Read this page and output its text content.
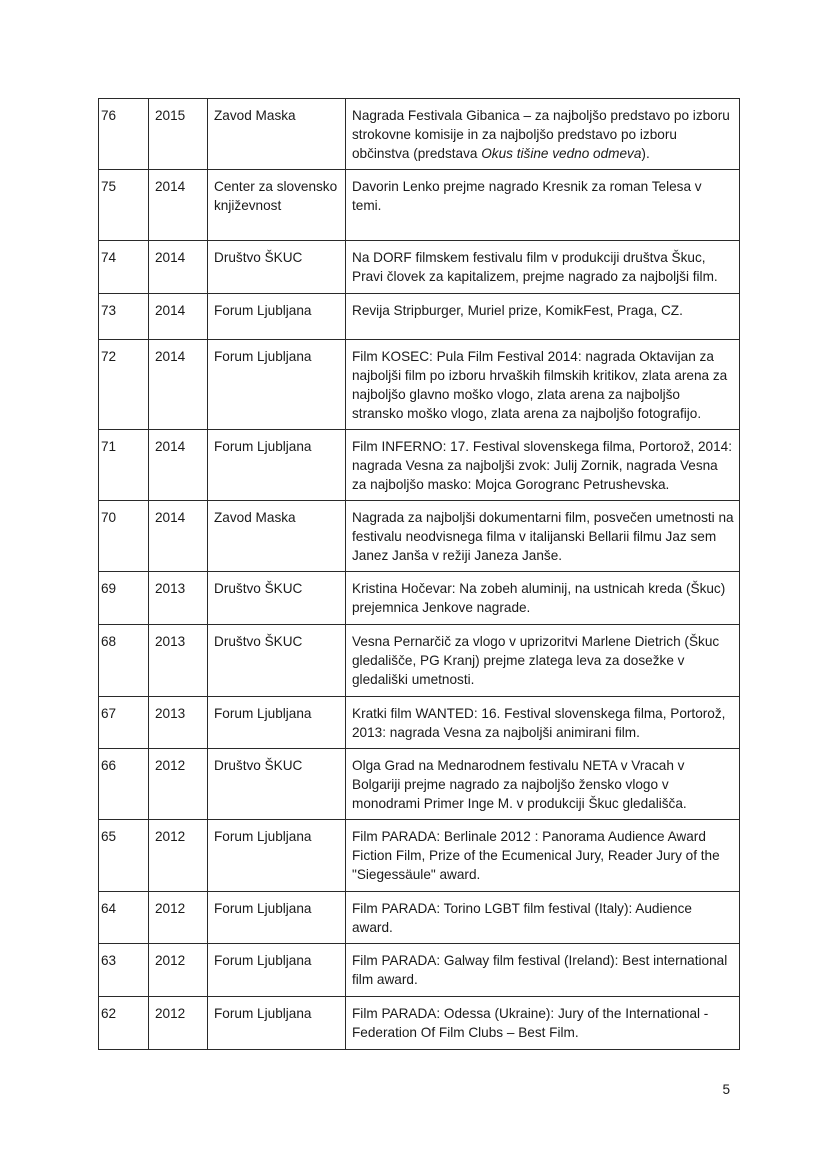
76	2015	Zavod Maska	Nagrada Festivala Gibanica – za najboljšo predstavo po izboru strokovne komisije in za najboljšo predstavo po izboru občinstva (predstava Okus tišine vedno odmeva).
75	2014	Center za slovensko književnost	Davorin Lenko prejme nagrado Kresnik za roman Telesa v temi.
74	2014	Društvo ŠKUC	Na DORF filmskem festivalu film v produkciji društva Škuc, Pravi človek za kapitalizem, prejme nagrado za najboljši film.
73	2014	Forum Ljubljana	Revija Stripburger, Muriel prize, KomikFest, Praga, CZ.
72	2014	Forum Ljubljana	Film KOSEC: Pula Film Festival 2014: nagrada Oktavijan za najboljši film po izboru hrvaških filmskih kritikov, zlata arena za najboljšo glavno moško vlogo, zlata arena za najboljšo stransko moško vlogo, zlata arena za najboljšo fotografijo.
71	2014	Forum Ljubljana	Film INFERNO: 17. Festival slovenskega filma, Portorož, 2014: nagrada Vesna za najboljši zvok: Julij Zornik, nagrada Vesna za najboljšo masko: Mojca Gorogranc Petrushevska.
70	2014	Zavod Maska	Nagrada za najboljši dokumentarni film, posvečen umetnosti na festivalu neodvisnega filma v italijanski Bellarii filmu Jaz sem Janez Janša v režiji Janeza Janše.
69	2013	Društvo ŠKUC	Kristina Hočevar: Na zobeh aluminij, na ustnicah kreda (Škuc) prejemnica Jenkove nagrade.
68	2013	Društvo ŠKUC	Vesna Pernarčič za vlogo v uprizoritvi Marlene Dietrich (Škuc gledališče, PG Kranj) prejme zlatega leva za dosežke v gledališki umetnosti.
67	2013	Forum Ljubljana	Kratki film WANTED: 16. Festival slovenskega filma, Portorož, 2013: nagrada Vesna za najboljši animirani film.
66	2012	Društvo ŠKUC	Olga Grad na Mednarodnem festivalu NETA v Vracah v Bolgariji prejme nagrado za najboljšo žensko vlogo v monodrami Primer Inge M. v produkciji Škuc gledališča.
65	2012	Forum Ljubljana	Film PARADA: Berlinale 2012 : Panorama Audience Award Fiction Film, Prize of the Ecumenical Jury, Reader Jury of the "Siegessäule" award.
64	2012	Forum Ljubljana	Film PARADA: Torino LGBT film festival (Italy): Audience award.
63	2012	Forum Ljubljana	Film PARADA: Galway film festival (Ireland): Best international film award.
62	2012	Forum Ljubljana	Film PARADA: Odessa (Ukraine): Jury of the International - Federation Of Film Clubs – Best Film.
5
